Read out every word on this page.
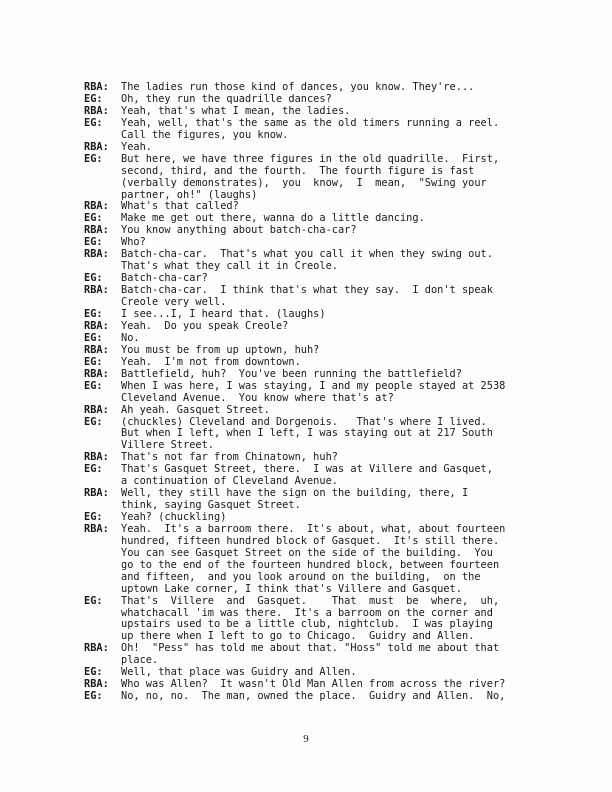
RBA:	The ladies run those kind of dances, you know. They're...
EG:	Oh, they run the quadrille dances?
RBA:	Yeah, that's what I mean, the ladies.
EG:	Yeah, well, that's the same as the old timers running a reel.
Call the figures, you know.
RBA:	Yeah.
EG:	But here, we have three figures in the old quadrille.  First,
second, third, and the fourth.  The fourth figure is fast
(verbally demonstrates),  you  know,  I  mean,  "Swing your
partner, oh!" (laughs)
RBA:	What's that called?
EG:	Make me get out there, wanna do a little dancing.
RBA:	You know anything about batch-cha-car?
EG:	Who?
RBA:	Batch-cha-car.  That's what you call it when they swing out.
That's what they call it in Creole.
EG:	Batch-cha-car?
RBA:	Batch-cha-car.  I think that's what they say.  I don't speak
Creole very well.
EG:	I see...I, I heard that. (laughs)
RBA:	Yeah.  Do you speak Creole?
EG:	No.
RBA:	You must be from up uptown, huh?
EG:	Yeah.  I'm not from downtown.
RBA:	Battlefield, huh?  You've been running the battlefield?
EG:	When I was here, I was staying, I and my people stayed at 2538
Cleveland Avenue.  You know where that's at?
RBA:	Ah yeah. Gasquet Street.
EG:	(chuckles) Cleveland and Dorgenois.   That's where I lived.
But when I left, when I left, I was staying out at 217 South
Villere Street.
RBA:	That's not far from Chinatown, huh?
EG:	That's Gasquet Street, there.  I was at Villere and Gasquet,
a continuation of Cleveland Avenue.
RBA:	Well, they still have the sign on the building, there, I
think, saying Gasquet Street.
EG:	Yeah? (chuckling)
RBA:	Yeah.  It's a barroom there.  It's about, what, about fourteen
hundred, fifteen hundred block of Gasquet.  It's still there.
You can see Gasquet Street on the side of the building.  You
go to the end of the fourteen hundred block, between fourteen
and fifteen,  and you look around on the building,  on the
uptown Lake corner, I think that's Villere and Gasquet.
EG:	That's  Villere  and  Gasquet.    That  must  be  where,  uh,
whatchacall 'im was there.  It's a barroom on the corner and
upstairs used to be a little club, nightclub.  I was playing
up there when I left to go to Chicago.  Guidry and Allen.
RBA:	Oh!  "Pess" has told me about that. "Hoss" told me about that
place.
EG:	Well, that place was Guidry and Allen.
RBA:	Who was Allen?  It wasn't Old Man Allen from across the river?
EG:	No, no, no.  The man, owned the place.  Guidry and Allen.  No,
9
